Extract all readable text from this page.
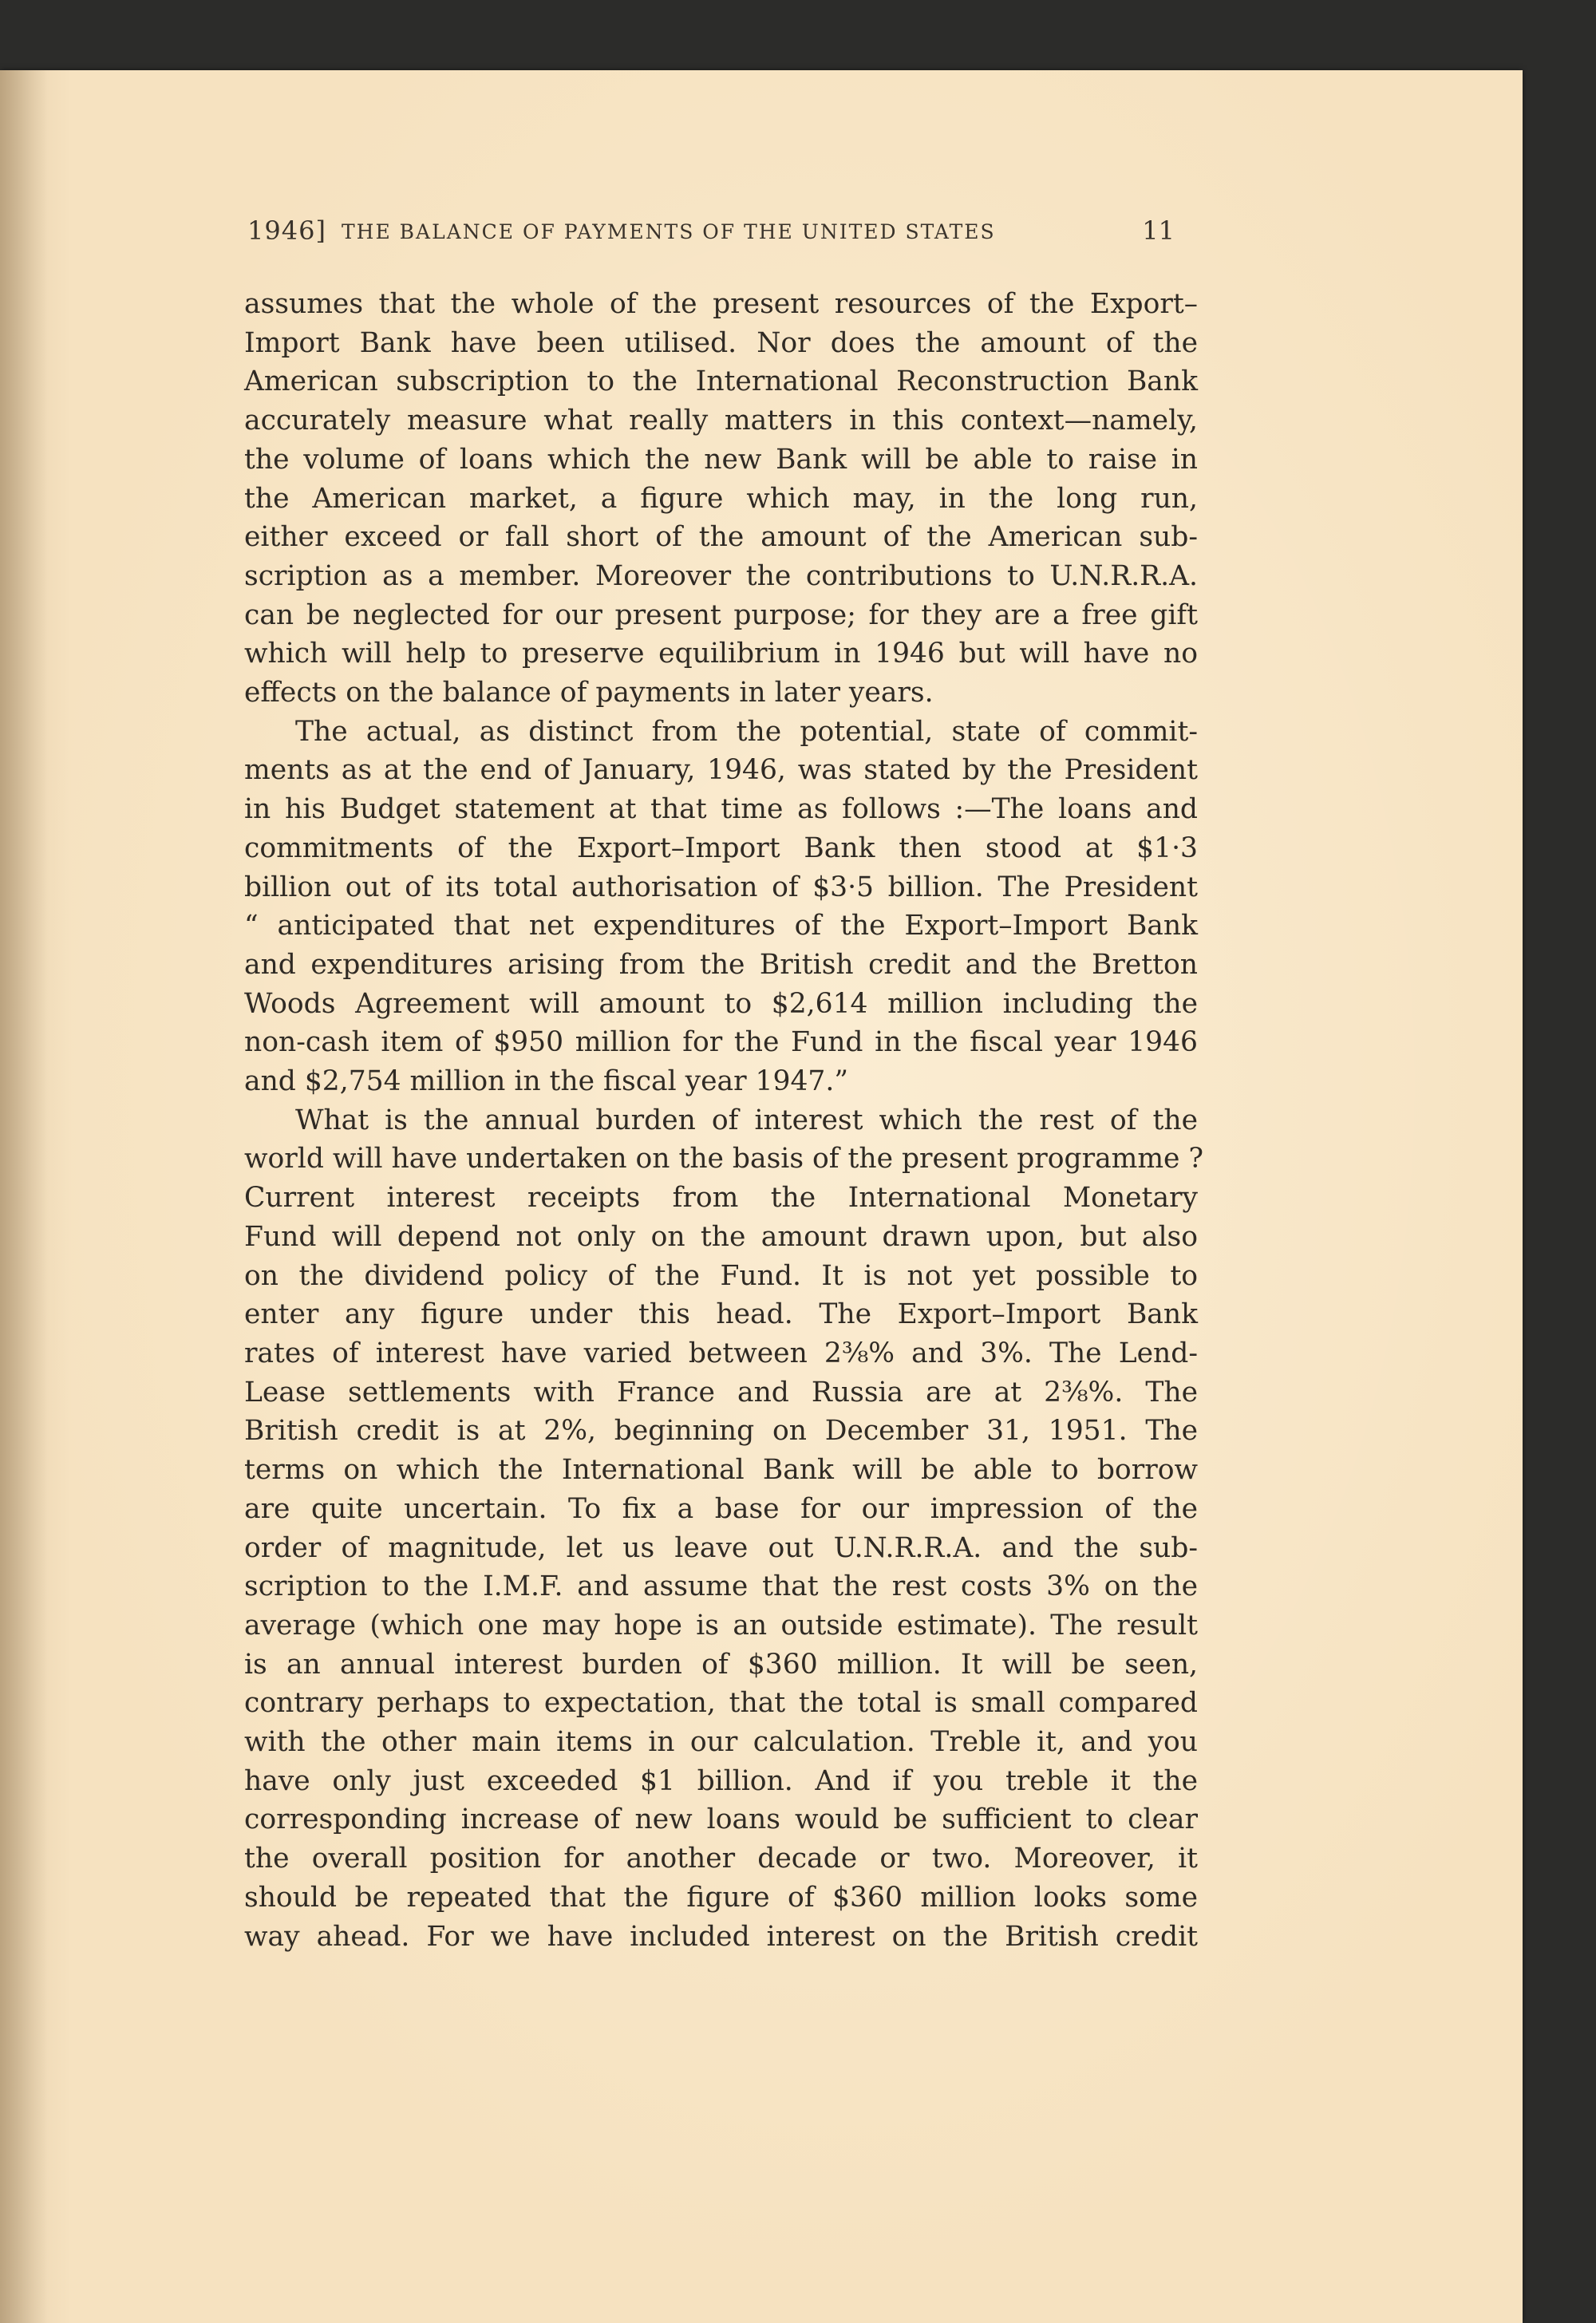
1946] THE BALANCE OF PAYMENTS OF THE UNITED STATES	11

assumes that the whole of the present resources of the Export–
Import Bank have been utilised. Nor does the amount of the
American subscription to the International Reconstruction Bank
accurately measure what really matters in this context—namely,
the volume of loans which the new Bank will be able to raise in
the American market, a figure which may, in the long run,
either exceed or fall short of the amount of the American sub-
scription as a member. Moreover the contributions to U.N.R.R.A.
can be neglected for our present purpose; for they are a free gift
which will help to preserve equilibrium in 1946 but will have no
effects on the balance of payments in later years.

The actual, as distinct from the potential, state of commit-
ments as at the end of January, 1946, was stated by the President
in his Budget statement at that time as follows :—The loans and
commitments of the Export–Import Bank then stood at $1·3
billion out of its total authorisation of $3·5 billion. The President
“ anticipated that net expenditures of the Export–Import Bank
and expenditures arising from the British credit and the Bretton
Woods Agreement will amount to $2,614 million including the
non-cash item of $950 million for the Fund in the fiscal year 1946
and $2,754 million in the fiscal year 1947.”

What is the annual burden of interest which the rest of the
world will have undertaken on the basis of the present programme ?
Current interest receipts from the International Monetary
Fund will depend not only on the amount drawn upon, but also
on the dividend policy of the Fund. It is not yet possible to
enter any figure under this head. The Export–Import Bank
rates of interest have varied between 2⅜% and 3%. The Lend-
Lease settlements with France and Russia are at 2⅜%. The
British credit is at 2%, beginning on December 31, 1951. The
terms on which the International Bank will be able to borrow
are quite uncertain. To fix a base for our impression of the
order of magnitude, let us leave out U.N.R.R.A. and the sub-
scription to the I.M.F. and assume that the rest costs 3% on the
average (which one may hope is an outside estimate). The result
is an annual interest burden of $360 million. It will be seen,
contrary perhaps to expectation, that the total is small compared
with the other main items in our calculation. Treble it, and you
have only just exceeded $1 billion. And if you treble it the
corresponding increase of new loans would be sufficient to clear
the overall position for another decade or two. Moreover, it
should be repeated that the figure of $360 million looks some
way ahead. For we have included interest on the British credit
